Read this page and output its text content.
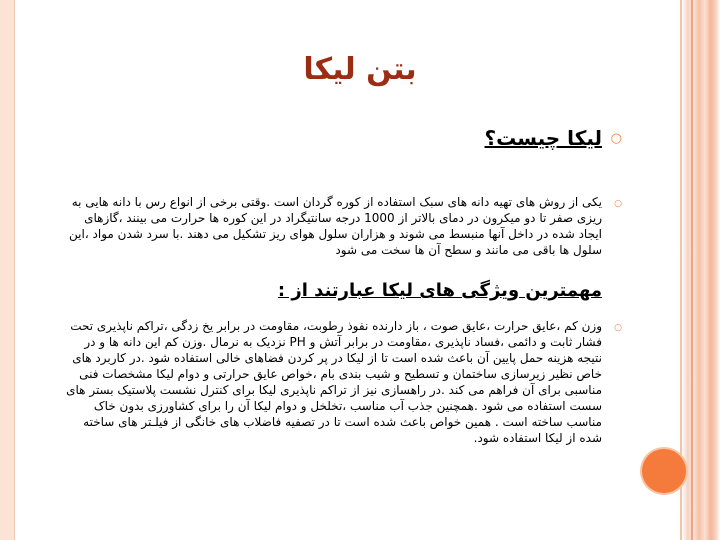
بتن لیکا
○
لیکا چیست؟
○
یکی از روش های تهیه دانه های سبک استفاده از کوره گردان است .وقتی برخی از انواع رس با دانه هایی به ریزی صفر تا دو میکرون در دمای بالاتر از 1000 درجه سانتیگراد در این کوره ها حرارت می بینند ،گازهای ایجاد شده در داخل آنها منبسط می شوند و هزاران سلول هوای ریز تشکیل می دهند .با سرد شدن مواد ،این سلول ها باقی می مانند و سطح آن ها سخت می شود
مهمترین ویژگی های لیکا عبارتند از :
○
وزن کم ،عایق حرارت ،عایق صوت ، باز دارنده نفوذ رطوبت، مقاومت در برابر یخ زدگی ،تراکم ناپذیری تحت فشار ثابت و دائمی ،فساد ناپذیری ،مقاومت در برابر آتش و PH نزدیک به نرمال .وزن کم این دانه ها و در نتیجه هزینه حمل پایین آن باعث شده است تا از لیکا در پر کردن فضاهای خالی استفاده شود .در کاربرد های خاص نظیر زیرسازی ساختمان و تسطیح و شیب بندی بام ،خواص عایق حرارتی و دوام لیکا مشخصات فنی مناسبی برای آن فراهم می کند .در راهسازی نیز از تراکم ناپذیری لیکا برای کنترل نشست پلاستیک بستر های سست استفاده می شود .همچنین جذب آب مناسب ،تخلخل و دوام لیکا آن را برای کشاورزی بدون خاک مناسب ساخته است . همین خواص باعث شده است تا در تصفیه فاضلاب های خانگی از فیلـتر های ساخته شده از لیکا استفاده شود.
